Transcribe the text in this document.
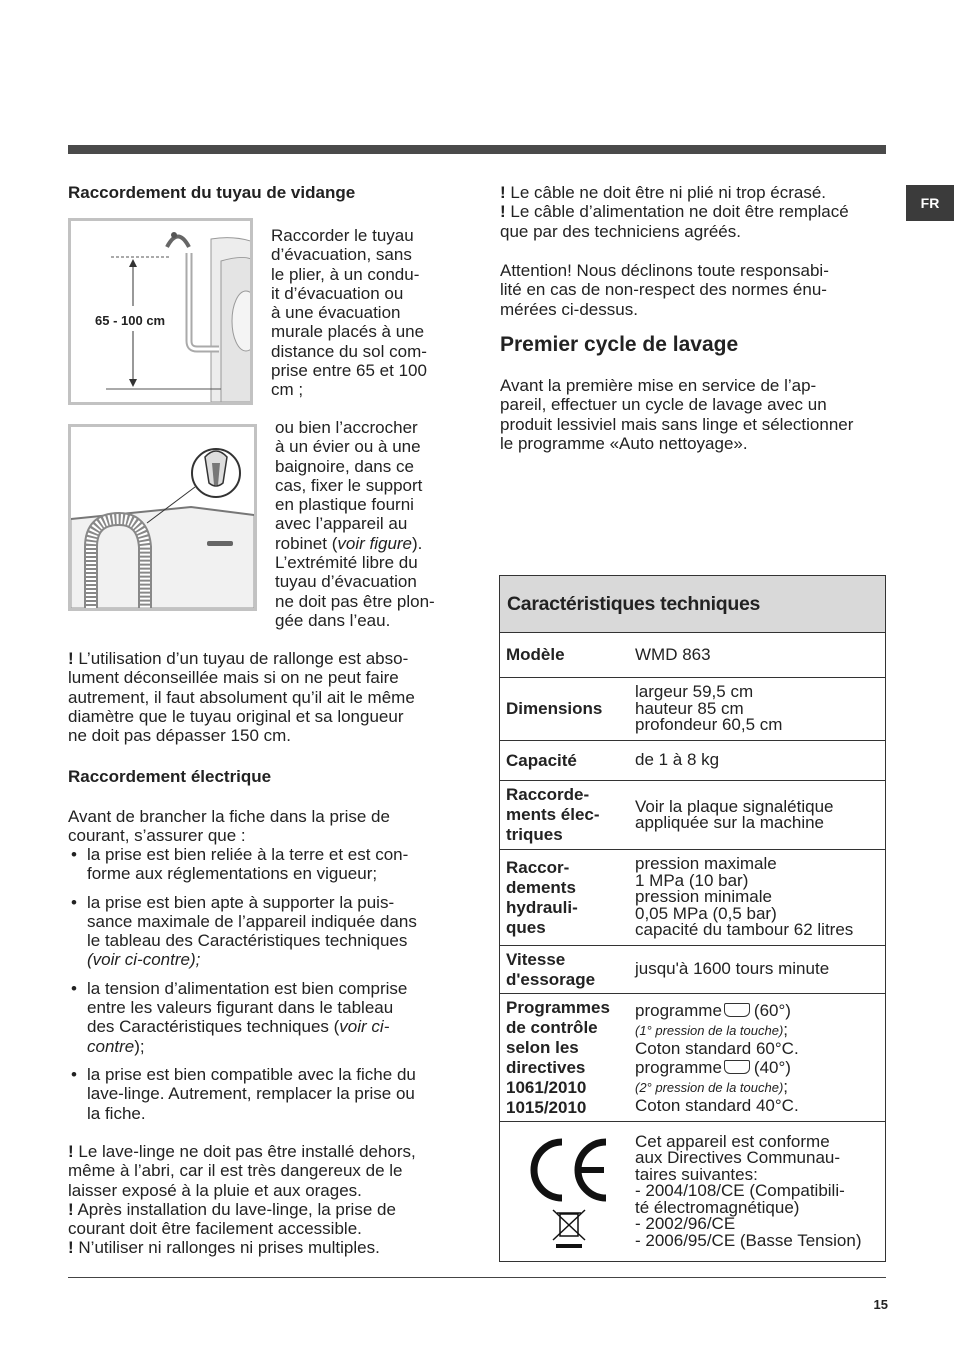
FR
Raccordement du tuyau de vidange
65 - 100 cm

Raccorder le tuyau

d’évacuation, sans

le plier, à un condu-

it d’évacuation ou

à une évacuation

murale placés à une

distance du sol com-

prise entre 65 et 100

cm ;

ou bien l’accrocher

à un évier ou à une

baignoire, dans ce

cas, fixer le support

en plastique fourni

avec l’appareil au

robinet (voir figure).

L’extrémité libre du

tuyau d’évacuation

ne doit pas être plon-

gée dans l’eau.

! L’utilisation d’un tuyau de rallonge est abso-

lument déconseillée mais si on ne peut faire

autrement, il faut absolument qu’il ait le même

diamètre que le tuyau original et sa longueur

ne doit pas dépasser 150 cm.

Raccordement électrique

Avant de brancher la fiche dans la prise de

courant, s’assurer que :

• la prise est bien reliée à la terre et est con-
forme aux réglementations en vigueur;
• la prise est bien apte à supporter la puis-
sance maximale de l’appareil indiquée dans
le tableau des Caractéristiques techniques
(voir ci-contre);
• la tension d’alimentation est bien comprise
entre les valeurs figurant dans le tableau
des Caractéristiques techniques (voir ci-
contre);
• la prise est bien compatible avec la fiche du
lave-linge. Autrement, remplacer la prise ou
la fiche.

! Le lave-linge ne doit pas être installé dehors,

même à l’abri, car il est très dangereux de le

laisser exposé à la pluie et aux orages.

! Après installation du lave-linge, la prise de

courant doit être facilement accessible.

! N’utiliser ni rallonges ni prises multiples.

! Le câble ne doit être ni plié ni trop écrasé.

! Le câble d’alimentation ne doit être remplacé

que par des techniciens agréés.

Attention! Nous déclinons toute responsabi-

lité en cas de non-respect des normes énu-

mérées ci-dessus.

Premier cycle de lavage

Avant la première mise en service de l’ap-

pareil, effectuer un cycle de lavage avec un

produit lessiviel mais sans linge et sélectionner

le programme «Auto nettoyage».

Caractéristiques techniques
Modèle	WMD 863
Dimensions
largeur 59,5 cm
hauteur 85 cm
profondeur 60,5 cm
Capacité	de 1 à 8 kg
Raccorde-
ments élec-
triques
Voir la plaque signalétique
appliquée sur la machine
Raccor-
dements
hydrauli-
ques
pression maximale
1 MPa (10 bar)
pression minimale
0,05 MPa (0,5 bar)
capacité du tambour 62 litres
Vitesse
d'essorage
jusqu'à 1600 tours minute
Programmes
de contrôle
selon les
directives
1061/2010
1015/2010
programme (60°)
(1° pression de la touche);
Coton standard 60°C.
programme (40°)
(2° pression de la touche);
Coton standard 40°C.
Cet appareil est conforme
aux Directives Communau-
taires suivantes:
- 2004/108/CE (Compatibili-
té électromagnétique)
- 2002/96/CE
- 2006/95/CE (Basse Tension)
15
